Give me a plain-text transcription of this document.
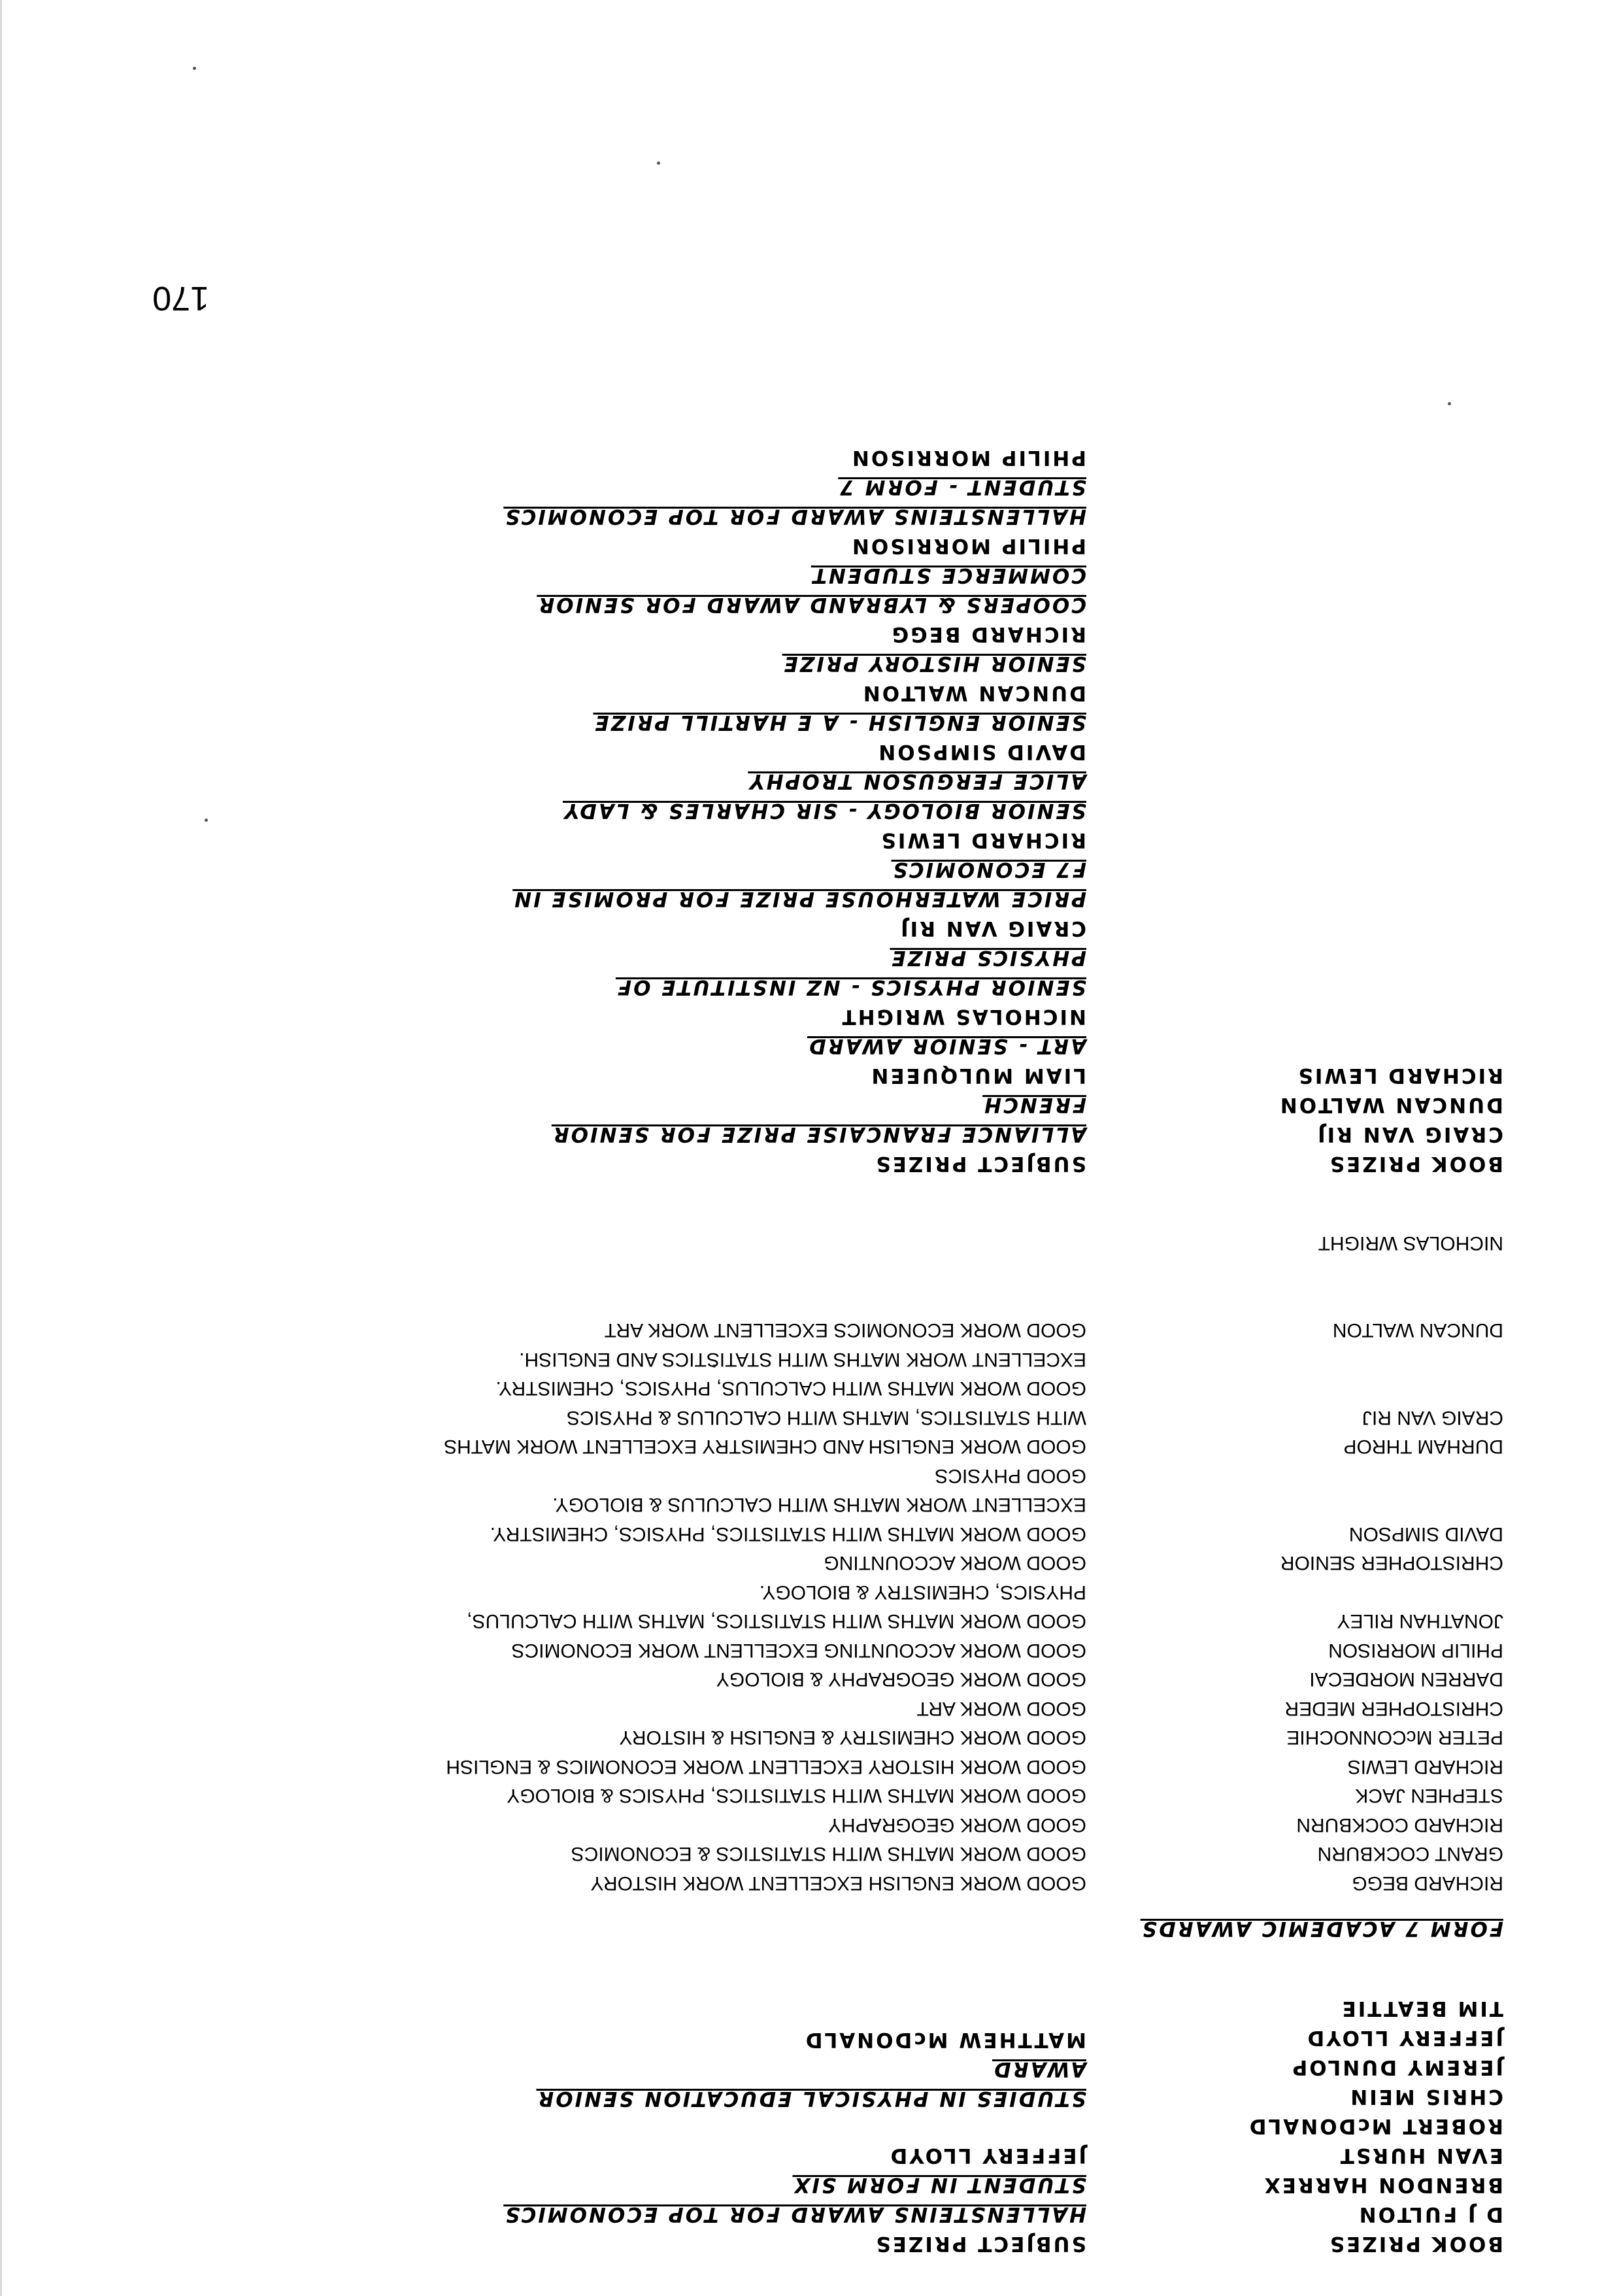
170
BOOK PRIZES
D J FULTON
BRENDON HARREX
EVAN HURST
ROBERT McDONALD
CHRIS MEIN
JEREMY DUNLOP
JEFFERY LLOYD
TIM BEATTIE
SUBJECT PRIZES
HALLENSTEINS AWARD FOR TOP ECONOMICS
STUDENT IN FORM SIX
JEFFERY LLOYD
STUDIES IN PHYSICAL EDUCATION SENIOR
AWARD
MATTHEW McDONALD
FORM 7 ACADEMIC AWARDS
RICHARD BEGG
GRANT COCKBURN
RICHARD COCKBURN
STEPHEN JACK
RICHARD LEWIS
PETER McCONNOCHIE
CHRISTOPHER MEDER
DARREN MORDECAI
PHILIP MORRISON
JONATHAN RILEY
CHRISTOPHER SENIOR
DAVID SIMPSON
DURHAM THROP
CRAIG VAN RIJ
DUNCAN WALTON
NICHOLAS WRIGHT
GOOD WORK ENGLISH EXCELLENT WORK HISTORY
GOOD WORK MATHS WITH STATISTICS & ECONOMICS
GOOD WORK GEOGRAPHY
GOOD WORK MATHS WITH STATISTICS, PHYSICS & BIOLOGY
GOOD WORK HISTORY EXCELLENT WORK ECONOMICS & ENGLISH
GOOD WORK CHEMISTRY & ENGLISH & HISTORY
GOOD WORK ART
GOOD WORK GEOGRAPHY & BIOLOGY
GOOD WORK ACCOUNTING EXCELLENT WORK ECONOMICS
GOOD WORK MATHS WITH STATISTICS, MATHS WITH CALCULUS,
PHYSICS, CHEMISTRY & BIOLOGY.
GOOD WORK ACCOUNTING
GOOD WORK MATHS WITH STATISTICS, PHYSICS, CHEMISTRY.
EXCELLENT WORK MATHS WITH CALCULUS & BIOLOGY.
GOOD PHYSICS
GOOD WORK ENGLISH AND CHEMISTRY EXCELLENT WORK MATHS
WITH STATISTICS, MATHS WITH CALCULUS & PHYSICS
GOOD WORK MATHS WITH CALCULUS, PHYSICS, CHEMISTRY.
EXCELLENT WORK MATHS WITH STATISTICS AND ENGLISH.
GOOD WORK ECONOMICS EXCELLENT WORK ART
BOOK PRIZES
CRAIG VAN RIJ
DUNCAN WALTON
RICHARD LEWIS
SUBJECT PRIZES
ALLIANCE FRANCAISE PRIZE FOR SENIOR
FRENCH
LIAM MULQUEEN
ART - SENIOR AWARD
NICHOLAS WRIGHT
SENIOR PHYSICS - NZ INSTITUTE OF
PHYSICS PRIZE
CRAIG VAN RIJ
PRICE WATERHOUSE PRIZE FOR PROMISE IN
F7 ECONOMICS
RICHARD LEWIS
SENIOR BIOLOGY - SIR CHARLES & LADY
ALICE FERGUSON TROPHY
DAVID SIMPSON
SENIOR ENGLISH - A E HARTILL PRIZE
DUNCAN WALTON
SENIOR HISTORY PRIZE
RICHARD BEGG
COOPERS & LYBRAND AWARD FOR SENIOR
COMMERCE STUDENT
PHILIP MORRISON
HALLENSTEINS AWARD FOR TOP ECONOMICS
STUDENT - FORM 7
PHILIP MORRISON
